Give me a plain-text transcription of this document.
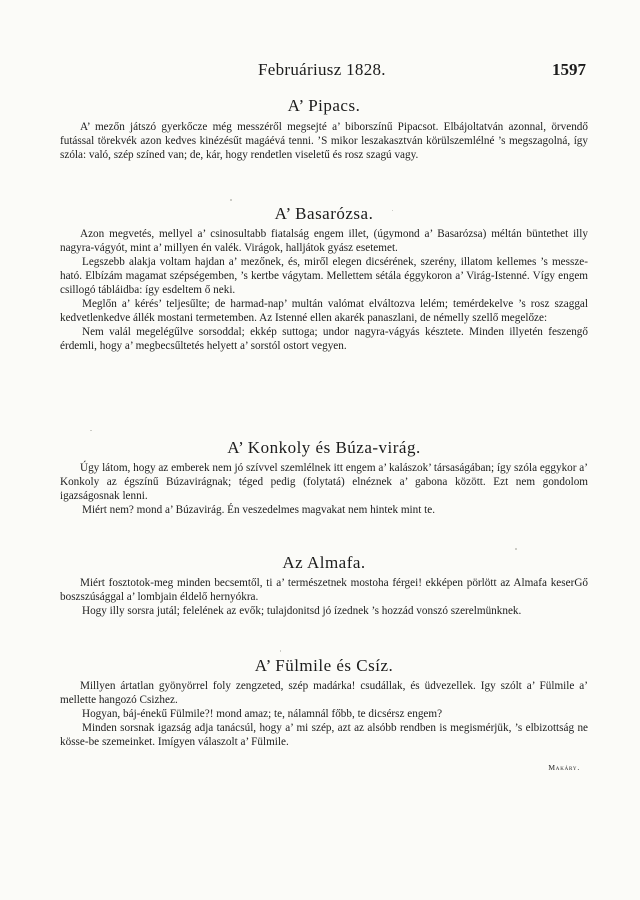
Februáriusz 1828.	1597
A’ Pipacs.

A’ mezőn játszó gyerkőcze még messzéről megsejté a’ biborszínű Pipacsot. Elbájoltatván azonnal, örvendő futással törekvék azon kedves kinézésűt magáévá tenni. ’S mikor leszakasztván körülszemlélné ’s megszagolná, így szóla: való, szép színed van; de, kár, hogy rendetlen viseletű és rosz szagú vagy.

A’ Basarózsa.

Azon megvetés, mellyel a’ csinosultabb fiatalság engem illet, (úgymond a’ Basarózsa) méltán büntethet illy nagyra-vágyót, mint a’ millyen én valék. Virágok, halljátok gyász esetemet.

Legszebb alakja voltam hajdan a’ mezőnek, és, miről elegen dicsérének, szerény, illatom kellemes ’s messze-ható. Elbízám magamat szépségemben, ’s kertbe vágytam. Mellettem sétála éggykoron a’ Virág-Istenné. Vígy engem csillogó tábláidba: így esdeltem ő neki.

Meglőn a’ kérés’ teljesűlte; de harmad-nap’ multán valómat elváltozva lelém; temérdekelve ’s rosz szaggal kedvetlenkedve állék mostani termetemben. Az Istenné ellen akarék panaszlani, de némelly szellő megelőze:

Nem valál megelégűlve sorsoddal; ekkép suttoga; undor nagyra-vágyás késztete. Minden illyetén feszengő érdemli, hogy a’ megbecsűltetés helyett a’ sorstól ostort vegyen.

A’ Konkoly és Búza-virág.

Úgy látom, hogy az emberek nem jó szívvel szemlélnek itt engem a’ kalászok’ társaságában; így szóla eggykor a’ Konkoly az égszínű Búzavirágnak; téged pedig (folytatá) elnéznek a’ gabona között. Ezt nem gondolom igazságosnak lenni.

Miért nem? mond a’ Búzavirág. Én veszedelmes magvakat nem hintek mint te.

Az Almafa.

Miért fosztotok-meg minden becsemtől, ti a’ természetnek mostoha férgei! ekképen pörlött az Almafa keserGő boszszúsággal a’ lombjain éldelő hernyókra.

Hogy illy sorsra jutál; felelének az evők; tulajdonitsd jó ízednek ’s hozzád vonszó szerelmünknek.

A’ Fülmile és Csíz.

Millyen ártatlan gyönyörrel foly zengzeted, szép madárka! csudállak, és üdvezellek. Igy szólt a’ Fülmile a’ mellette hangozó Csizhez.

Hogyan, báj-énekű Fülmile?! mond amaz; te, nálamnál főbb, te dicsérsz engem?

Minden sorsnak igazság adja tanácsúl, hogy a’ mi szép, azt az alsóbb rendben is megismérjük, ’s elbizottság ne kösse-be szemeinket. Imígyen válaszolt a’ Fülmile.

Makáry.
